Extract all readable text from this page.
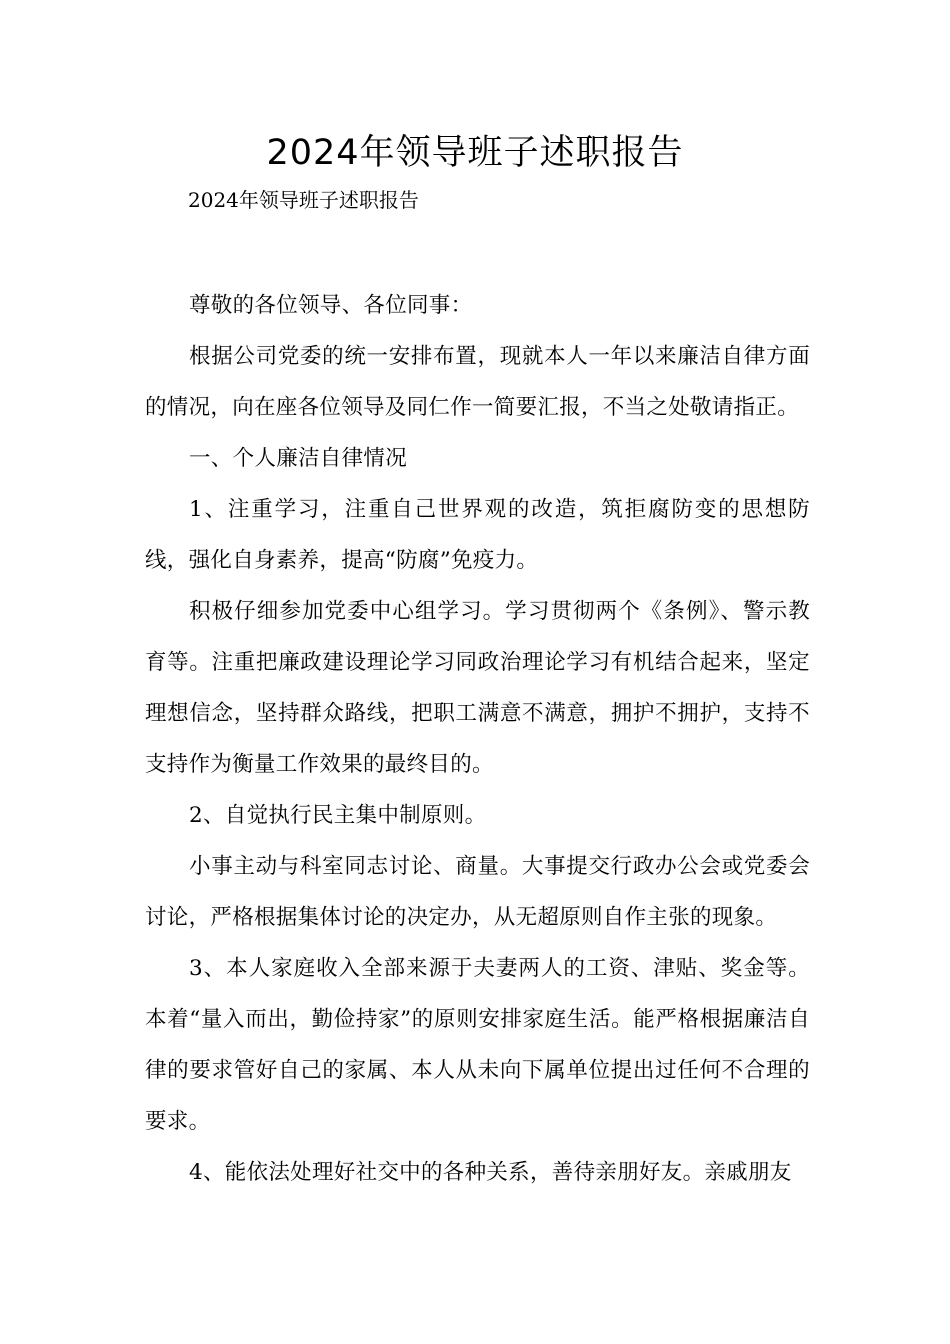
2024年领导班子述职报告
2024年领导班子述职报告

尊敬的各位领导、各位同事：

根据公司党委的统一安排布置，现就本人一年以来廉洁自律方面的情况，向在座各位领导及同仁作一简要汇报，不当之处敬请指正。

一、个人廉洁自律情况

1、注重学习，注重自己世界观的改造，筑拒腐防变的思想防线，强化自身素养，提高“防腐”免疫力。

积极仔细参加党委中心组学习。学习贯彻两个《条例》、警示教育等。注重把廉政建设理论学习同政治理论学习有机结合起来，坚定理想信念，坚持群众路线，把职工满意不满意，拥护不拥护，支持不支持作为衡量工作效果的最终目的。

2、自觉执行民主集中制原则。

小事主动与科室同志讨论、商量。大事提交行政办公会或党委会讨论，严格根据集体讨论的决定办，从无超原则自作主张的现象。

3、本人家庭收入全部来源于夫妻两人的工资、津贴、奖金等。本着“量入而出，勤俭持家”的原则安排家庭生活。能严格根据廉洁自律的要求管好自己的家属、本人从未向下属单位提出过任何不合理的要求。

4、能依法处理好社交中的各种关系，善待亲朋好友。亲戚朋友
